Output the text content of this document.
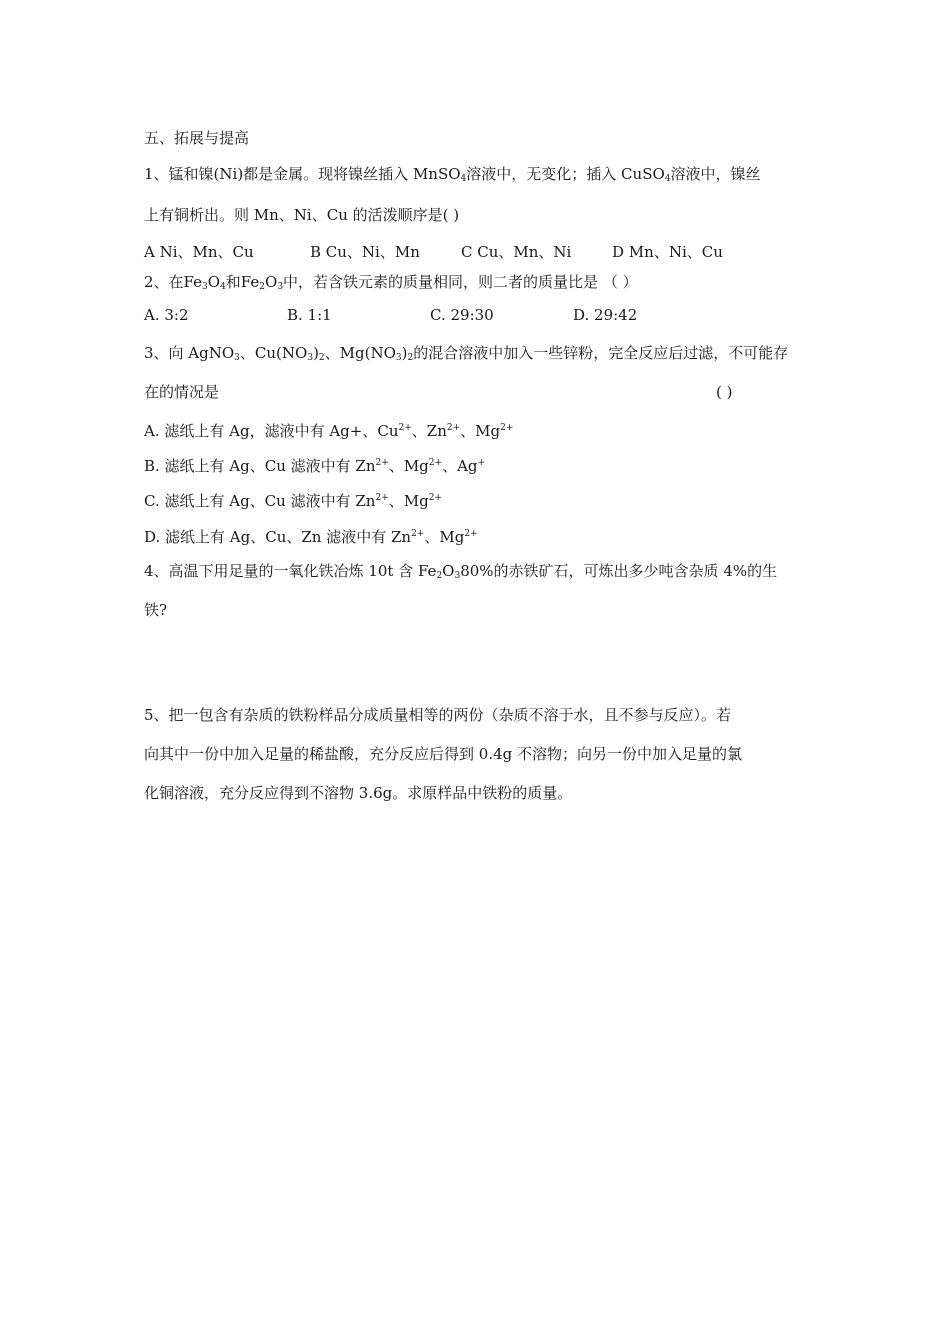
五、拓展与提高
1、锰和镍(Ni)都是金属。现将镍丝插入 MnSO$_4$溶液中，无变化；插入 CuSO$_4$溶液中，镍丝
上有铜析出。则 Mn、Ni、Cu 的活泼顺序是( )
A Ni、Mn、Cu	B Cu、Ni、Mn	C Cu、Mn、Ni	D Mn、Ni、Cu
2、在$Fe_3O_4$和$Fe_2O_3$中，若含铁元素的质量相同，则二者的质量比是 （ ）
A. 3:2	B. 1:1	C. 29:30	D. 29:42
3、向 AgNO$_3$、$Cu(NO_3)_2$、$Mg(NO_3)_2$的混合溶液中加入一些锌粉，完全反应后过滤，不可能存
在的情况是	( )
A. 滤纸上有 Ag，滤液中有 Ag+、$Cu^{2+}$、$Zn^{2+}$、$Mg^{2+}$
B. 滤纸上有 Ag、Cu 滤液中有 $Zn^{2+}$、$Mg^{2+}$、Ag+
C. 滤纸上有 Ag、Cu 滤液中有 $Zn^{2+}$、$Mg^{2+}$
D. 滤纸上有 Ag、Cu、Zn 滤液中有 $Zn^{2+}$、$Mg^{2+}$
4、高温下用足量的一氧化铁冶炼 10t 含 $Fe_2O_380\%$的赤铁矿石，可炼出多少吨含杂质 4%的生
铁?
5、把一包含有杂质的铁粉样品分成质量相等的两份（杂质不溶于水，且不参与反应）。若
向其中一份中加入足量的稀盐酸，充分反应后得到 0.4g 不溶物；向另一份中加入足量的氯
化铜溶液，充分反应得到不溶物 3.6g。求原样品中铁粉的质量。
